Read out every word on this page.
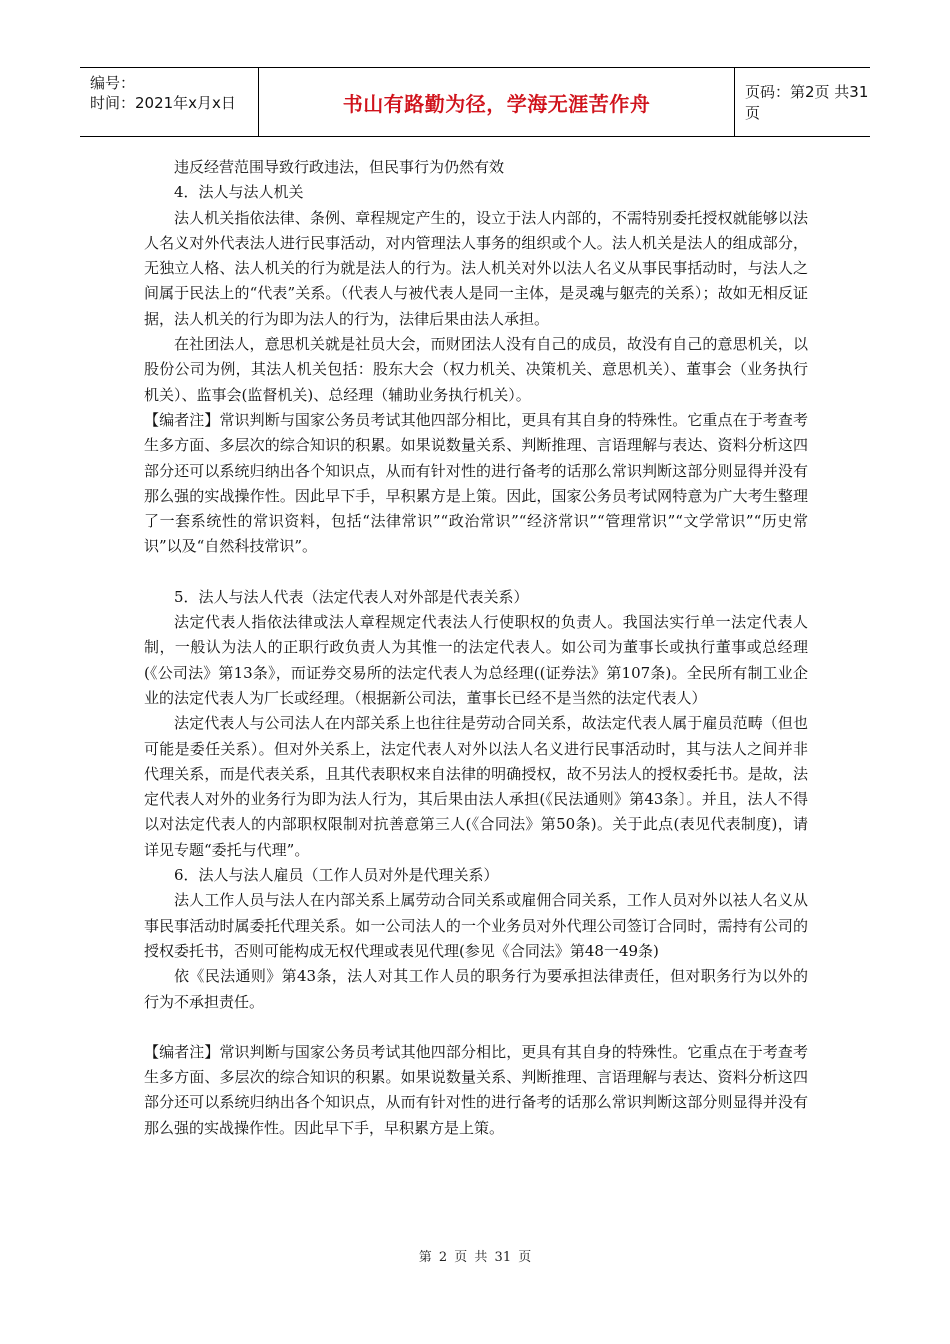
编号：
时间：2021年x月x日	书山有路勤为径，学海无涯苦作舟	页码：第2页 共31页

违反经营范围导致行政违法，但民事行为仍然有效

4．法人与法人机关

法人机关指依法律、条例、章程规定产生的，设立于法人内部的，不需特别委托授权就能够以法人名义对外代表法人进行民事活动，对内管理法人事务的组织或个人。法人机关是法人的组成部分，无独立人格、法人机关的行为就是法人的行为。法人机关对外以法人名义从事民事括动时，与法人之间属于民法上的“代表”关系。（代表人与被代表人是同一主体，是灵魂与躯壳的关系）；故如无相反证据，法人机关的行为即为法人的行为，法律后果由法人承担。

在社团法人，意思机关就是社员大会，而财团法人没有自己的成员，故没有自己的意思机关，以股份公司为例，其法人机关包括：股东大会（权力机关、决策机关、意思机关）、董事会（业务执行机关）、监事会(监督机关)、总经理（辅助业务执行机关）。

【编者注】常识判断与国家公务员考试其他四部分相比，更具有其自身的特殊性。它重点在于考查考生多方面、多层次的综合知识的积累。如果说数量关系、判断推理、言语理解与表达、资料分析这四部分还可以系统归纳出各个知识点，从而有针对性的进行备考的话那么常识判断这部分则显得并没有那么强的实战操作性。因此早下手，早积累方是上策。因此，国家公务员考试网特意为广大考生整理了一套系统性的常识资料，包括“法律常识”“政治常识”“经济常识”“管理常识”“文学常识”“历史常识”以及“自然科技常识”。

5．法人与法人代表（法定代表人对外部是代表关系）

法定代表人指依法律或法人章程规定代表法人行使职权的负责人。我国法实行单一法定代表人制，一般认为法人的正职行政负责人为其惟一的法定代表人。如公司为董事长或执行董事或总经理(《公司法》第13条》，而证券交易所的法定代表人为总经理((证券法》第107条)。全民所有制工业企业的法定代表人为厂长或经理。（根据新公司法，董事长已经不是当然的法定代表人）

法定代表人与公司法人在内部关系上也往往是劳动合同关系，故法定代表人属于雇员范畴（但也可能是委任关系）。但对外关系上，法定代表人对外以法人名义进行民事活动时，其与法人之间并非代理关系，而是代表关系，且其代表职权来自法律的明确授权，故不另法人的授权委托书。是故，法定代表人对外的业务行为即为法人行为，其后果由法人承担(《民法通则》第43条〕。并且，法人不得以对法定代表人的内部职权限制对抗善意第三人(《合同法》第50条)。关于此点(表见代表制度)，请详见专题“委托与代理”。

6．法人与法人雇员（工作人员对外是代理关系）

法人工作人员与法人在内部关系上属劳动合同关系或雇佣合同关系，工作人员对外以祛人名义从事民事活动时属委托代理关系。如一公司法人的一个业务员对外代理公司签订合同时，需持有公司的授权委托书，否则可能构成无权代理或表见代理(参见《合同法》第48一49条)

依《民法通则》第43条，法人对其工作人员的职务行为要承担法律责任，但对职务行为以外的行为不承担责任。

【编者注】常识判断与国家公务员考试其他四部分相比，更具有其自身的特殊性。它重点在于考查考生多方面、多层次的综合知识的积累。如果说数量关系、判断推理、言语理解与表达、资料分析这四部分还可以系统归纳出各个知识点，从而有针对性的进行备考的话那么常识判断这部分则显得并没有那么强的实战操作性。因此早下手，早积累方是上策。

第 2 页 共 31 页
